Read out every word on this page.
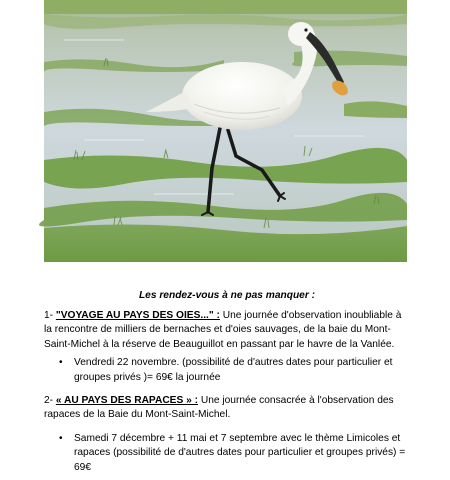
Les rendez-vous à ne pas manquer :

1- "VOYAGE AU PAYS DES OIES..." : Une journée d'observation inoubliable à la rencontre de milliers de bernaches et d'oies sauvages, de la baie du Mont-Saint-Michel à la réserve de Beauguillot en passant par le havre de la Vanlée.

• Vendredi 22 novembre. (possibilité de d'autres dates pour particulier et groupes privés )= 69€ la journée

2- « AU PAYS DES RAPACES » : Une journée consacrée à l'observation des rapaces de la Baie du Mont-Saint-Michel.

• Samedi 7 décembre + 11 mai et 7 septembre avec le thème Limicoles et rapaces (possibilité de d'autres dates pour particulier et groupes privés) = 69€
